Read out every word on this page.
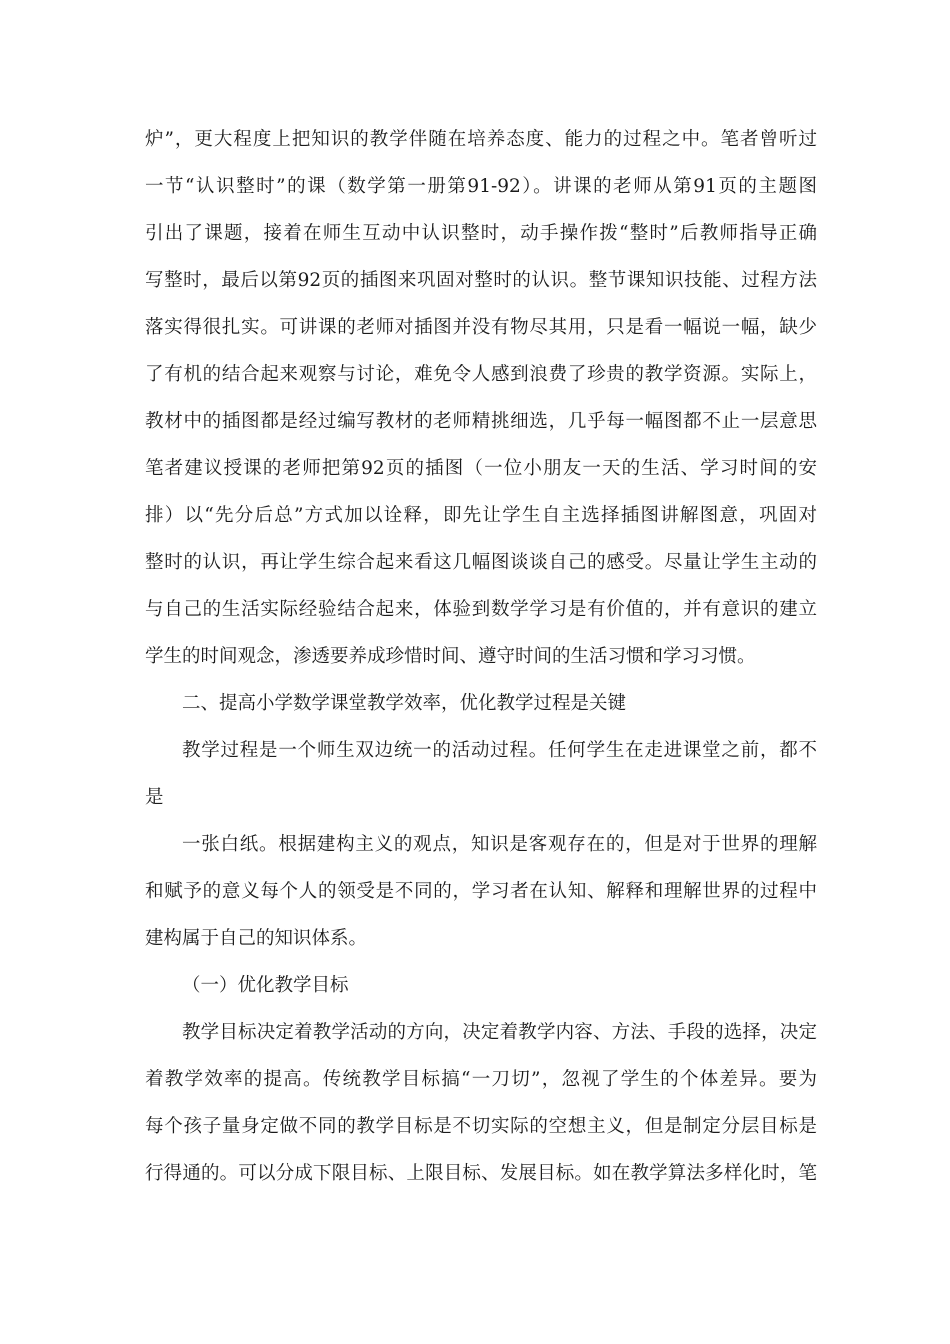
炉”，更大程度上把知识的教学伴随在培养态度、能力的过程之中。笔者曾听过
一节“认识整时”的课（数学第一册第91-92）。讲课的老师从第91页的主题图
引出了课题，接着在师生互动中认识整时，动手操作拨“整时”后教师指导正确
写整时，最后以第92页的插图来巩固对整时的认识。整节课知识技能、过程方法
落实得很扎实。可讲课的老师对插图并没有物尽其用，只是看一幅说一幅，缺少
了有机的结合起来观察与讨论，难免令人感到浪费了珍贵的教学资源。实际上，
教材中的插图都是经过编写教材的老师精挑细选，几乎每一幅图都不止一层意思
笔者建议授课的老师把第92页的插图（一位小朋友一天的生活、学习时间的安
排）以“先分后总”方式加以诠释，即先让学生自主选择插图讲解图意，巩固对
整时的认识，再让学生综合起来看这几幅图谈谈自己的感受。尽量让学生主动的
与自己的生活实际经验结合起来，体验到数学学习是有价值的，并有意识的建立
学生的时间观念，渗透要养成珍惜时间、遵守时间的生活习惯和学习习惯。
二、提高小学数学课堂教学效率，优化教学过程是关键
教学过程是一个师生双边统一的活动过程。任何学生在走进课堂之前，都不
是
一张白纸。根据建构主义的观点，知识是客观存在的，但是对于世界的理解
和赋予的意义每个人的领受是不同的，学习者在认知、解释和理解世界的过程中
建构属于自己的知识体系。
（一）优化教学目标
教学目标决定着教学活动的方向，决定着教学内容、方法、手段的选择，决定
着教学效率的提高。传统教学目标搞“一刀切”，忽视了学生的个体差异。要为
每个孩子量身定做不同的教学目标是不切实际的空想主义，但是制定分层目标是
行得通的。可以分成下限目标、上限目标、发展目标。如在教学算法多样化时，笔
